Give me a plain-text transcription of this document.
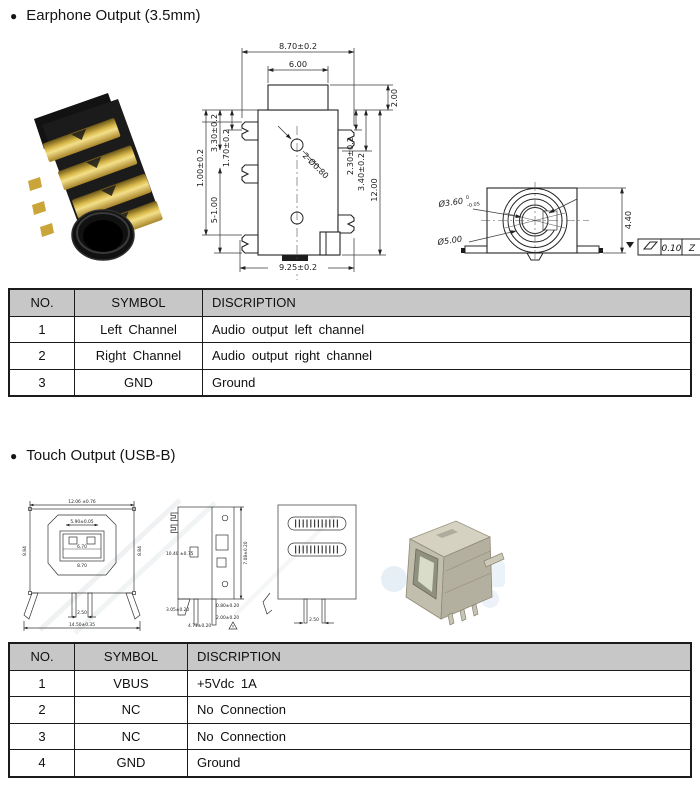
● Earphone Output (3.5mm)
2-Ø0.80
8.70±0.2
6.00
2.00
3.30±0.2 1.70±0.2
1.00±0.2
5-1.00
2.30±0.2 3.40±0.2 12.00
9.25±0.2
Ø3.60 0
-0.05
Ø5.00
4.40
0.10 Z
NO.	SYMBOL	DISCRIPTION
1	Left Channel	Audio output left channel
2	Right Channel	Audio output right channel
3	GND	Ground
● Touch Output (USB-B)
12.06 ±0.76
5.90±0.05
8.84	8.84
6.70
8.70
2.50
14.50±0.35
7.08±0.20
10.40 ±0.75
3.05±0.20
0.80±0.20
4.71±0.20
2.00±0.20	2.50
NO.	SYMBOL	DISCRIPTION
1	VBUS	+5Vdc 1A
2	NC	No Connection
3	NC	No Connection
4	GND	Ground
